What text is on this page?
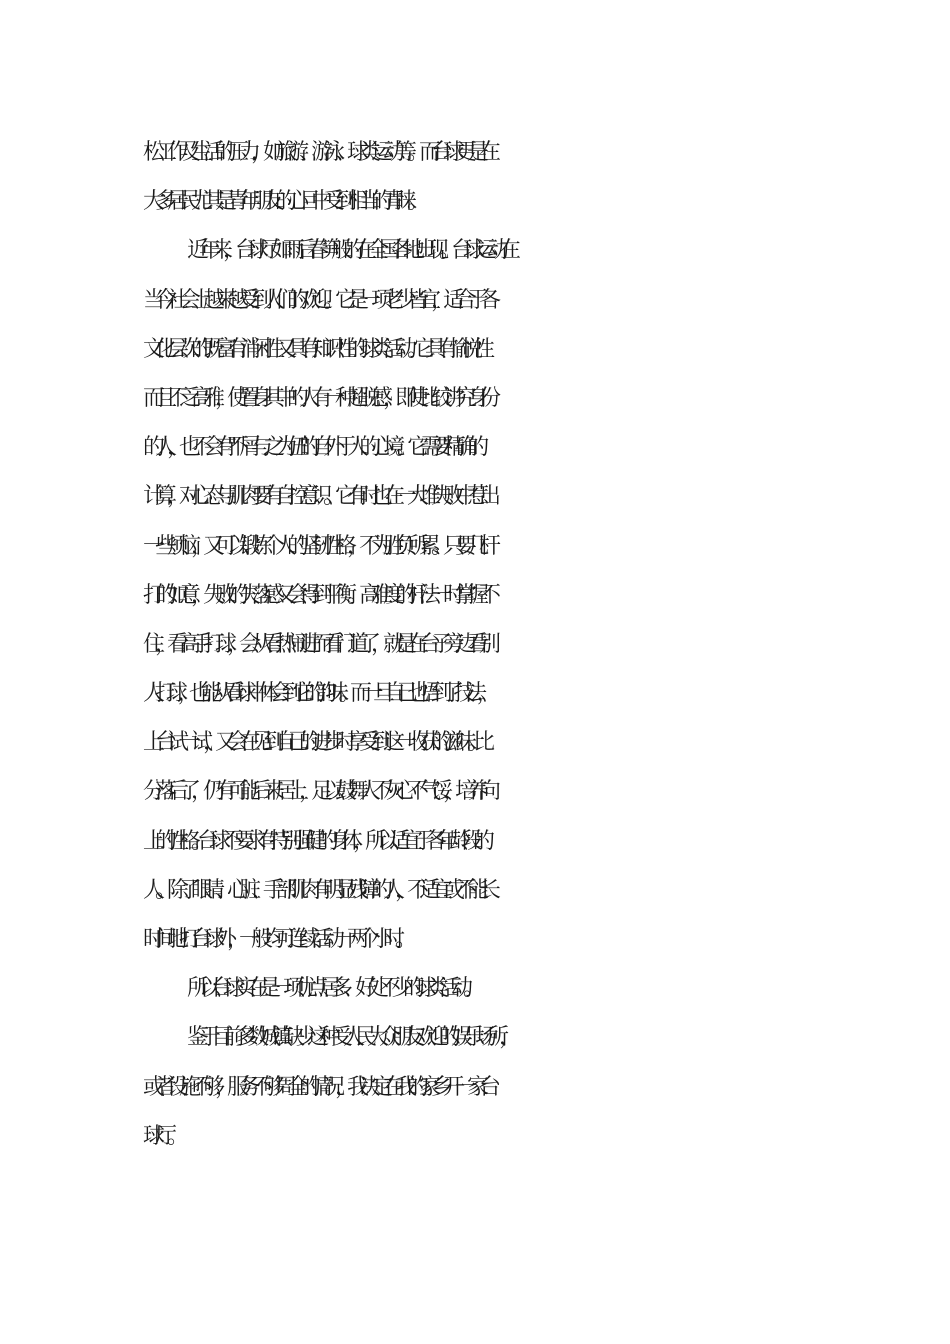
松工作及生活的压力，如旅游、游泳、球类运动等。而台球更是在
大多居民尤其是青年朋友的心目中受到相当的青睐。
近年来，台球厅如雨后春笋般的在全国各地出现。台球运动在
当今社会上越来越受到人们的欢迎。它是一项老少皆宜，适合于各
文化层次的既富有消闲性又具有知识性的球类活动。  它具有愉悦性
而且不乏高雅，使置身其中的人有一种超脱感，即使比较讲究身份
的人，也不会有"不屑与之为伍"的自外于人的心境。它需要精确的
计算，对心态与肌肉要有自控意识。它有时也在一大堆失败中惹出
一些烦恼，又可以锻炼个人的坚韧性格，不为胜负所累。只要几杆
打的如意，失败的失落感又会得到平衡。高难度的杆法一时掌握不
住，看高手打球，会从看热闹进而看门道了，就是在台子旁边看别
人打球，也能从看球中体会到它的韵味。而一旦自己也悟到了技法，
上台试一试，又会在见到自己的进步时享受到这一收获的滋味。  比
分落后了，仍有可能后来居上，足以鼓舞人不灰心不气馁，培养向
上的性格。  台球不要求有特别强健的身体，所以适宜于各年龄段的
人。除了眼睛、心脏、手部肌肉有明显残障的人，不适宜或不能长
时间地打台球外，一般均可连续活动一两个小时。
所以台球实在是一项优点居多、好处不少的球类活动。
鉴于目前多数城镇缺少这种受人民大众朋友欢迎的娱乐场所，
或者设施不够，服务不够周全的情况，我决定在我的家乡开一家台
球厅。
